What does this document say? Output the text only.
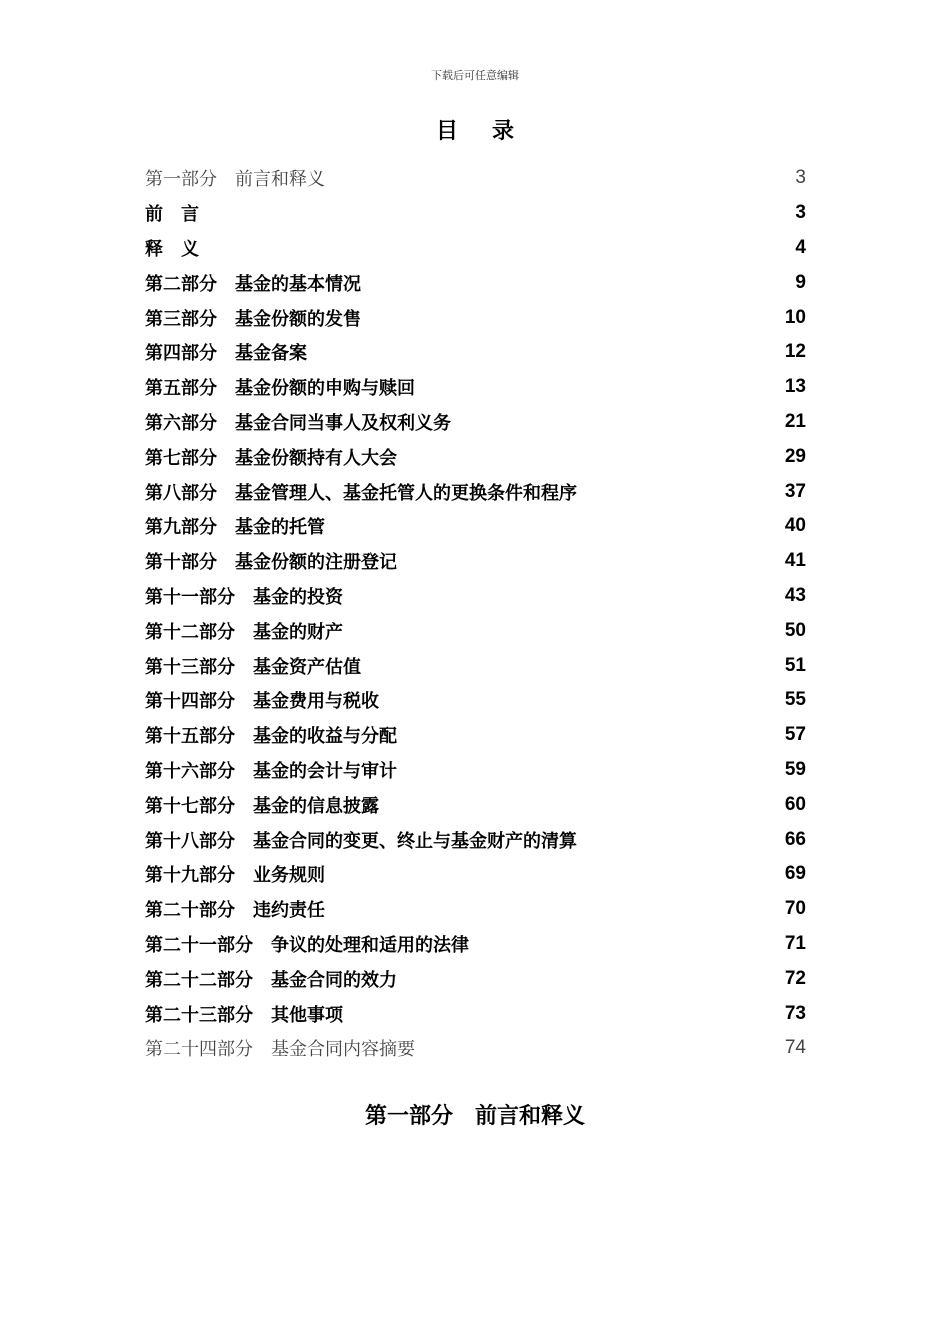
下载后可任意编辑
目录
第一部分　前言和释义	3
前　言	3
释　义	4
第二部分　基金的基本情况	9
第三部分　基金份额的发售	10
第四部分　基金备案	12
第五部分　基金份额的申购与赎回	13
第六部分　基金合同当事人及权利义务	21
第七部分　基金份额持有人大会	29
第八部分　基金管理人、基金托管人的更换条件和程序	37
第九部分　基金的托管	40
第十部分　基金份额的注册登记	41
第十一部分　基金的投资	43
第十二部分　基金的财产	50
第十三部分　基金资产估值	51
第十四部分　基金费用与税收	55
第十五部分　基金的收益与分配	57
第十六部分　基金的会计与审计	59
第十七部分　基金的信息披露	60
第十八部分　基金合同的变更、终止与基金财产的清算	66
第十九部分　业务规则	69
第二十部分　违约责任	70
第二十一部分　争议的处理和适用的法律	71
第二十二部分　基金合同的效力	72
第二十三部分　其他事项	73
第二十四部分　基金合同内容摘要	74
第一部分　前言和释义
